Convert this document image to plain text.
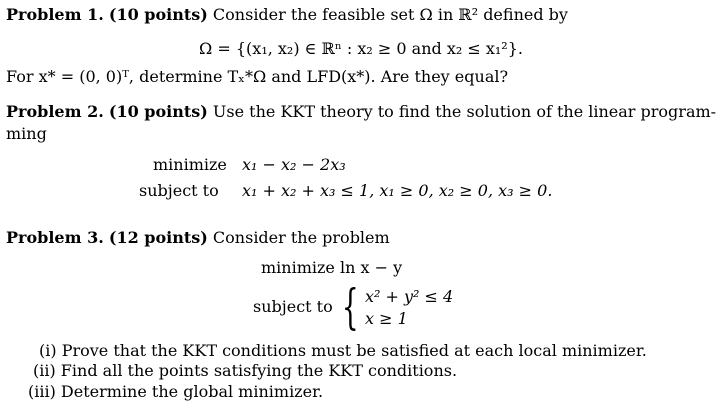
Problem 1. (10 points) Consider the feasible set Ω in ℝ² defined by
Ω = {(x₁, x₂) ∈ ℝⁿ : x₂ ≥ 0 and x₂ ≤ x₁²}.
For x* = (0, 0)ᵀ, determine Tₓ*Ω and LFD(x*). Are they equal?
Problem 2. (10 points) Use the KKT theory to find the solution of the linear program-
ming
minimize x₁ − x₂ − 2x₃
subject to x₁ + x₂ + x₃ ≤ 1, x₁ ≥ 0, x₂ ≥ 0, x₃ ≥ 0.
Problem 3. (12 points) Consider the problem
minimize ln x − y
subject to { x² + y² ≤ 4
x ≥ 1
(i) Prove that the KKT conditions must be satisfied at each local minimizer.
(ii) Find all the points satisfying the KKT conditions.
(iii) Determine the global minimizer.
